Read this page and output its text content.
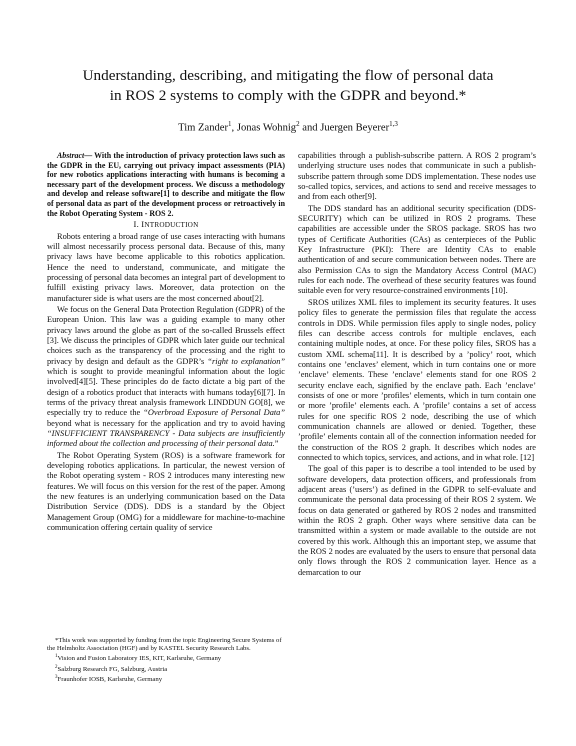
Understanding, describing, and mitigating the flow of personal data
in ROS 2 systems to comply with the GDPR and beyond.*
Tim Zander$^1$, Jonas Wohnig$^2$ and Juergen Beyerer$^{1,3}$

Abstract— With the introduction of privacy protection laws such as the GDPR in the EU, carrying out privacy impact assessments (PIA) for new robotics applications interacting with humans is becoming a necessary part of the development process. We discuss a methodology and develop and release software[1] to describe and mitigate the flow of personal data as part of the development process or retroactively in the Robot Operating System - ROS 2.

I. INTRODUCTION

Robots entering a broad range of use cases interacting with humans will almost necessarily process personal data. Because of this, many privacy laws have become applicable to this robotics application. Hence the need to understand, communicate, and mitigate the processing of personal data becomes an integral part of development to fulfill existing privacy laws. Moreover, data protection on the manufacturer side is what users are the most concerned about[2].

We focus on the General Data Protection Regulation (GDPR) of the European Union. This law was a guiding example to many other privacy laws around the globe as part of the so-called Brussels effect [3]. We discuss the principles of GDPR which later guide our technical choices such as the transparency of the processing and the right to privacy by design and default as the GDPR’s “right to explanation” which is sought to provide meaningful information about the logic involved[4][5]. These principles do de facto dictate a big part of the design of a robotics product that interacts with humans today[6][7]. In terms of the privacy threat analysis framework LINDDUN GO[8], we especially try to reduce the “Overbroad Exposure of Personal Data” beyond what is necessary for the application and try to avoid having “INSUFFICIENT TRANSPARENCY - Data subjects are insufficiently informed about the collection and processing of their personal data.”

The Robot Operating System (ROS) is a software framework for developing robotics applications. In particular, the newest version of the Robot operating system - ROS 2 introduces many interesting new features. We will focus on this version for the rest of the paper. Among the new features is an underlying communication based on the Data Distribution Service (DDS). DDS is a standard by the Object Management Group (OMG) for a middleware for machine-to-machine communication offering certain quality of service

*This work was supported by funding from the topic Engineering Secure Systems of the Helmholtz Association (HGF) and by KASTEL Security Research Labs.

$^1$Vision and Fusion Laboratory IES, KIT, Karlsruhe, Germany

$^2$Salzburg Research FG, Salzburg, Austria

$^3$Fraunhofer IOSB, Karlsruhe, Germany

capabilities through a publish-subscribe pattern. A ROS 2 program’s underlying structure uses nodes that communicate in such a publish-subscribe pattern through some DDS implementation. These nodes use so-called topics, services, and actions to send and receive messages to and from each other[9].

The DDS standard has an additional security specification (DDS-SECURITY) which can be utilized in ROS 2 programs. These capabilities are accessible under the SROS package. SROS has two types of Certificate Authorities (CAs) as centerpieces of the Public Key Infrastructure (PKI): There are Identity CAs to enable authentication of and secure communication between nodes. There are also Permission CAs to sign the Mandatory Access Control (MAC) rules for each node. The overhead of these security features was found suitable even for very resource-constrained environments [10].

SROS utilizes XML files to implement its security features. It uses policy files to generate the permission files that regulate the access controls in DDS. While permission files apply to single nodes, policy files can describe access controls for multiple enclaves, each containing multiple nodes, at once. For these policy files, SROS has a custom XML schema[11]. It is described by a ’policy’ root, which contains one ’enclaves’ element, which in turn contains one or more ’enclave’ elements. These ’enclave’ elements stand for one ROS 2 security enclave each, signified by the enclave path. Each ’enclave’ consists of one or more ’profiles’ elements, which in turn contain one or more ’profile’ elements each. A ’profile’ contains a set of access rules for one specific ROS 2 node, describing the use of which communication channels are allowed or denied. Together, these ’profile’ elements contain all of the connection information needed for the construction of the ROS 2 graph. It describes which nodes are connected to which topics, services, and actions, and in what role. [12]

The goal of this paper is to describe a tool intended to be used by software developers, data protection officers, and professionals from adjacent areas (’users’) as defined in the GDPR to self-evaluate and communicate the personal data processing of their ROS 2 system. We focus on data generated or gathered by ROS 2 nodes and transmitted within the ROS 2 graph. Other ways where sensitive data can be transmitted within a system or made available to the outside are not covered by this work. Although this an important step, we assume that the ROS 2 nodes are evaluated by the users to ensure that personal data only flows through the ROS 2 communication layer. Hence as a demarcation to our
